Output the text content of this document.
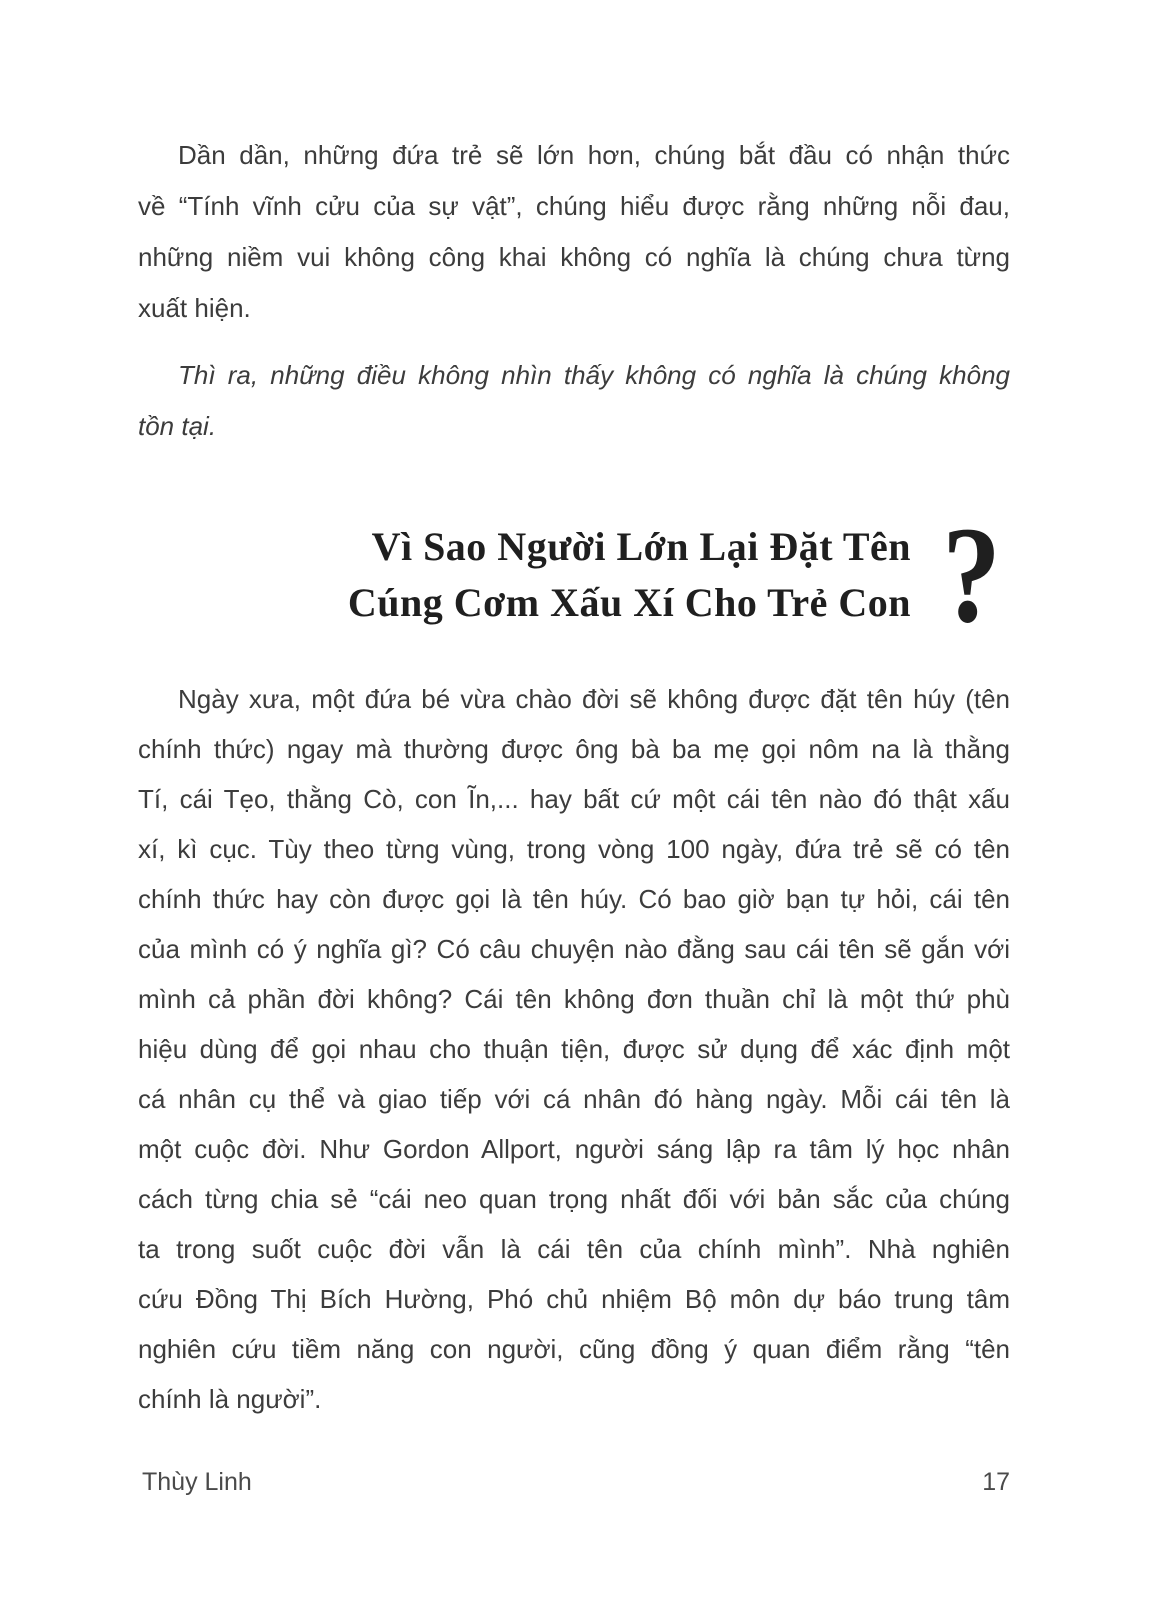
Dần dần, những đứa trẻ sẽ lớn hơn, chúng bắt đầu có nhận thức
về “Tính vĩnh cửu của sự vật”, chúng hiểu được rằng những nỗi đau,
những niềm vui không công khai không có nghĩa là chúng chưa từng
xuất hiện.
Thì ra, những điều không nhìn thấy không có nghĩa là chúng không
tồn tại.
Vì Sao Người Lớn Lại Đặt Tên
Cúng Cơm Xấu Xí Cho Trẻ Con ?
Ngày xưa, một đứa bé vừa chào đời sẽ không được đặt tên húy (tên
chính thức) ngay mà thường được ông bà ba mẹ gọi nôm na là thằng
Tí, cái Tẹo, thằng Cò, con Ĩn,... hay bất cứ một cái tên nào đó thật xấu
xí, kì cục. Tùy theo từng vùng, trong vòng 100 ngày, đứa trẻ sẽ có tên
chính thức hay còn được gọi là tên húy. Có bao giờ bạn tự hỏi, cái tên
của mình có ý nghĩa gì? Có câu chuyện nào đằng sau cái tên sẽ gắn với
mình cả phần đời không? Cái tên không đơn thuần chỉ là một thứ phù
hiệu dùng để gọi nhau cho thuận tiện, được sử dụng để xác định một
cá nhân cụ thể và giao tiếp với cá nhân đó hàng ngày. Mỗi cái tên là
một cuộc đời. Như Gordon Allport, người sáng lập ra tâm lý học nhân
cách từng chia sẻ “cái neo quan trọng nhất đối với bản sắc của chúng
ta trong suốt cuộc đời vẫn là cái tên của chính mình”. Nhà nghiên
cứu Đồng Thị Bích Hường, Phó chủ nhiệm Bộ môn dự báo trung tâm
nghiên cứu tiềm năng con người, cũng đồng ý quan điểm rằng “tên
chính là người”.
Thùy Linh	17
